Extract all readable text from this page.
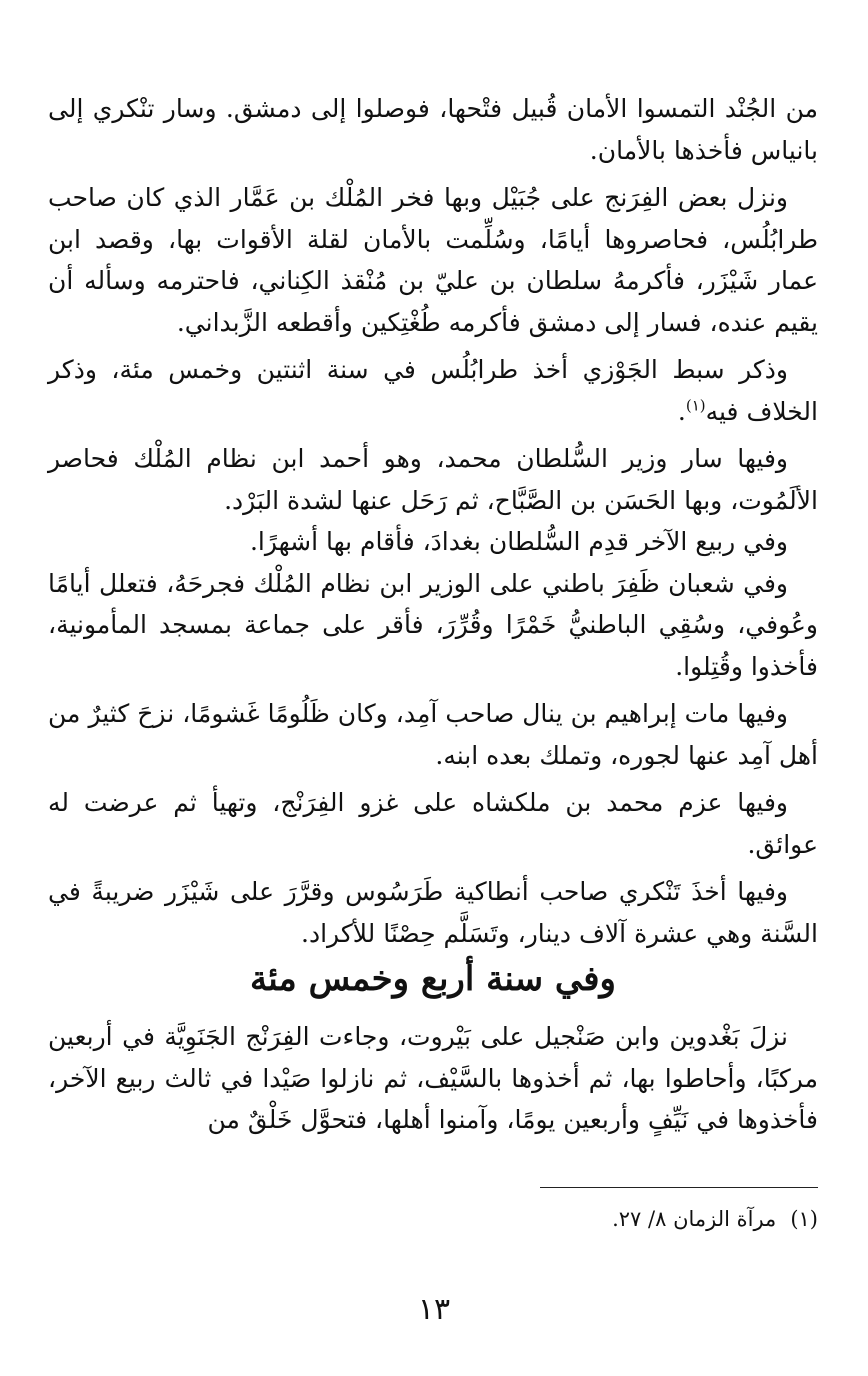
من الجُنْد التمسوا الأمان قُبيل فتْحها، فوصلوا إلى دمشق. وسار تنْكري إلى بانياس فأخذها بالأمان.

ونزل بعض الفِرَنج على جُبَيْل وبها فخر المُلْك بن عَمَّار الذي كان صاحب طرابُلُس، فحاصروها أيامًا، وسُلِّمت بالأمان لقلة الأقوات بها، وقصد ابن عمار شَيْزَر، فأكرمهُ سلطان بن عليّ بن مُنْقذ الكِناني، فاحترمه وسأله أن يقيم عنده، فسار إلى دمشق فأكرمه طُغْتِكين وأقطعه الزَّبداني.

وذكر سبط الجَوْزي أخذ طرابُلُس في سنة اثنتين وخمس مئة، وذكر الخلاف فيه$^{(١)}$.

وفيها سار وزير السُّلطان محمد، وهو أحمد ابن نظام المُلْك فحاصر الألَمُوت، وبها الحَسَن بن الصَّبَّاح، ثم رَحَل عنها لشدة البَرْد.

وفي ربيع الآخر قدِم السُّلطان بغدادَ، فأقام بها أشهرًا.

وفي شعبان ظَفِرَ باطني على الوزير ابن نظام المُلْك فجرحَهُ، فتعلل أيامًا وعُوفي، وسُقِي الباطنيُّ خَمْرًا وقُرِّرَ، فأقر على جماعة بمسجد المأمونية، فأخذوا وقُتِلوا.

وفيها مات إبراهيم بن ينال صاحب آمِد، وكان ظَلُومًا غَشومًا، نزحَ كثيرٌ من أهل آمِد عنها لجوره، وتملك بعده ابنه.

وفيها عزم محمد بن ملكشاه على غزو الفِرَنْج، وتهيأ ثم عرضت له عوائق.

وفيها أخذَ تَنْكري صاحب أنطاكية طَرَسُوس وقرَّرَ على شَيْزَر ضريبةً في السَّنة وهي عشرة آلاف دينار، وتَسَلَّم حِصْنًا للأكراد.

وفي سنة أربع وخمس مئة

نزلَ بَغْدوين وابن صَنْجيل على بَيْروت، وجاءت الفِرَنْج الجَنَوِيَّة في أربعين مركبًا، وأحاطوا بها، ثم أخذوها بالسَّيْف، ثم نازلوا صَيْدا في ثالث ربيع الآخر، فأخذوها في نَيِّفٍ وأربعين يومًا، وآمنوا أهلها، فتحوَّل خَلْقٌ من

(١)مرآة الزمان ٨/ ٢٧.
١٣
